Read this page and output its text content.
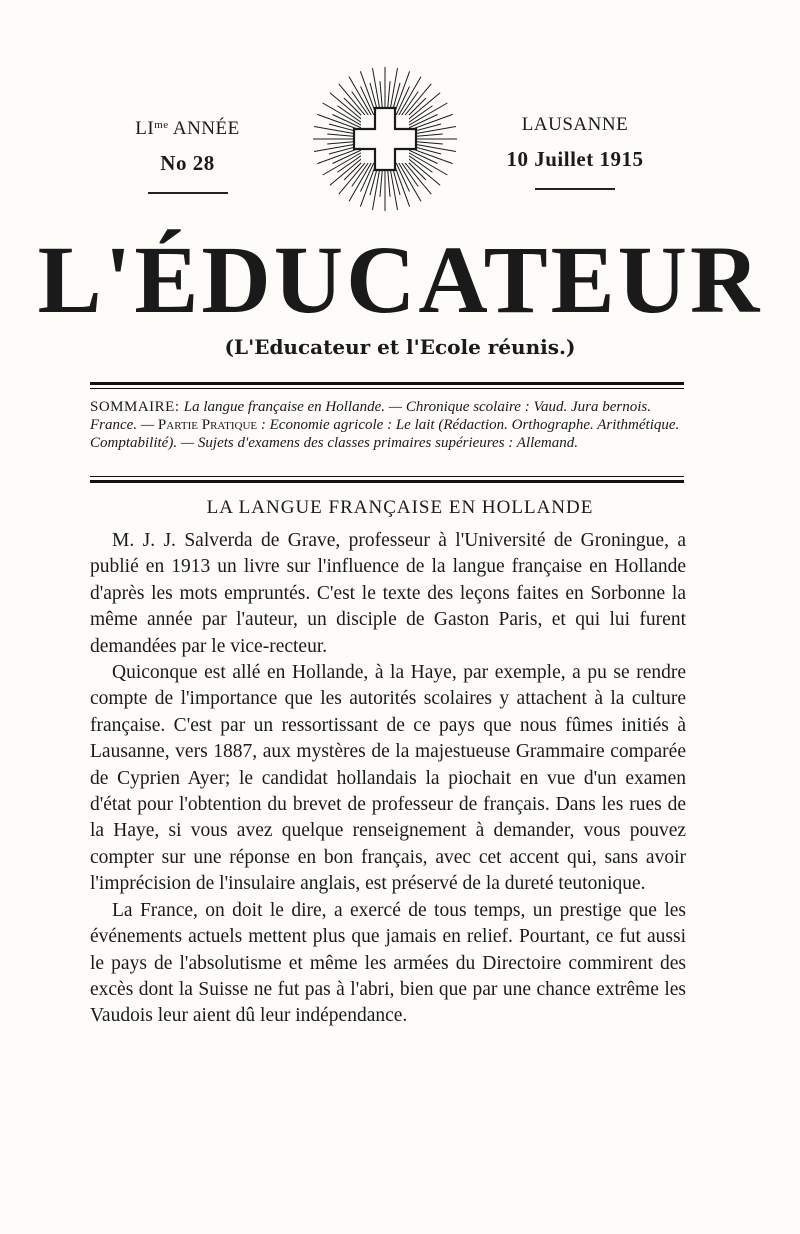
$LI^{me}$ ANNÉE
No 28
LAUSANNE
10 Juillet 1915
L'ÉDUCATEUR
(L'Educateur et l'Ecole réunis.)
SOMMAIRE: La langue française en Hollande. — Chronique scolaire : Vaud. Jura bernois. France. — Partie Pratique : Economie agricole : Le lait (Rédaction. Orthographe. Arithmétique. Comptabilité). — Sujets d'examens des classes primaires supérieures : Allemand.
LA LANGUE FRANÇAISE EN HOLLANDE

M. J. J. Salverda de Grave, professeur à l'Université de Groningue, a publié en 1913 un livre sur l'influence de la langue française en Hollande d'après les mots empruntés. C'est le texte des leçons faites en Sorbonne la même année par l'auteur, un disciple de Gaston Paris, et qui lui furent demandées par le vice-recteur.

Quiconque est allé en Hollande, à la Haye, par exemple, a pu se rendre compte de l'importance que les autorités scolaires y attachent à la culture française. C'est par un ressortissant de ce pays que nous fûmes initiés à Lausanne, vers 1887, aux mystères de la majestueuse Grammaire comparée de Cyprien Ayer; le candidat hollandais la piochait en vue d'un examen d'état pour l'obtention du brevet de professeur de français. Dans les rues de la Haye, si vous avez quelque renseignement à demander, vous pouvez compter sur une réponse en bon français, avec cet accent qui, sans avoir l'imprécision de l'insulaire anglais, est préservé de la dureté teutonique.

La France, on doit le dire, a exercé de tous temps, un prestige que les événements actuels mettent plus que jamais en relief. Pourtant, ce fut aussi le pays de l'absolutisme et même les armées du Directoire commirent des excès dont la Suisse ne fut pas à l'abri, bien que par une chance extrême les Vaudois leur aient dû leur indépendance.
